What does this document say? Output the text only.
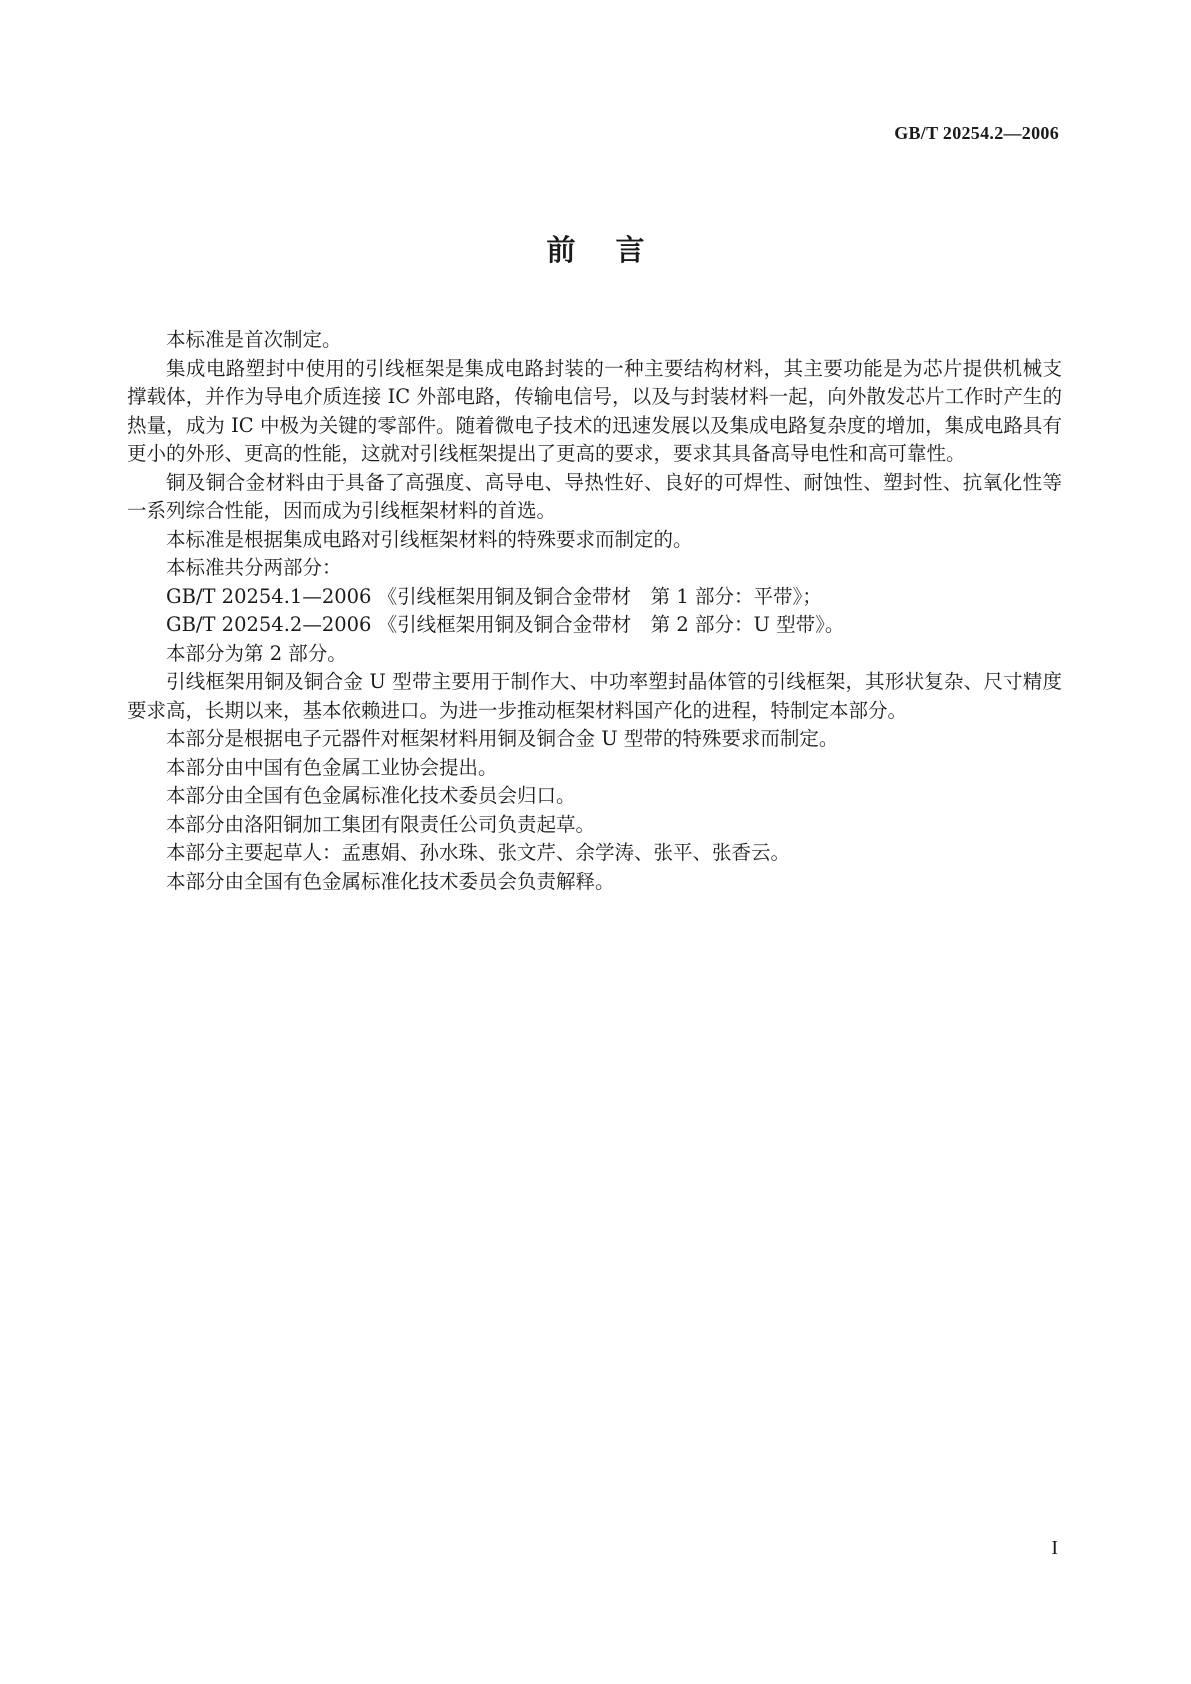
GB/T 20254.2—2006
前言

本标准是首次制定。

集成电路塑封中使用的引线框架是集成电路封装的一种主要结构材料，其主要功能是为芯片提供机械支撑载体，并作为导电介质连接 IC 外部电路，传输电信号，以及与封装材料一起，向外散发芯片工作时产生的热量，成为 IC 中极为关键的零部件。随着微电子技术的迅速发展以及集成电路复杂度的增加，集成电路具有更小的外形、更高的性能，这就对引线框架提出了更高的要求，要求其具备高导电性和高可靠性。

铜及铜合金材料由于具备了高强度、高导电、导热性好、良好的可焊性、耐蚀性、塑封性、抗氧化性等一系列综合性能，因而成为引线框架材料的首选。

本标准是根据集成电路对引线框架材料的特殊要求而制定的。

本标准共分两部分：

GB/T 20254.1—2006 《引线框架用铜及铜合金带材　第 1 部分：平带》；

GB/T 20254.2—2006 《引线框架用铜及铜合金带材　第 2 部分：U 型带》。

本部分为第 2 部分。

引线框架用铜及铜合金 U 型带主要用于制作大、中功率塑封晶体管的引线框架，其形状复杂、尺寸精度要求高，长期以来，基本依赖进口。为进一步推动框架材料国产化的进程，特制定本部分。

本部分是根据电子元器件对框架材料用铜及铜合金 U 型带的特殊要求而制定。

本部分由中国有色金属工业协会提出。

本部分由全国有色金属标准化技术委员会归口。

本部分由洛阳铜加工集团有限责任公司负责起草。

本部分主要起草人：孟惠娟、孙水珠、张文芹、余学涛、张平、张香云。

本部分由全国有色金属标准化技术委员会负责解释。

I
